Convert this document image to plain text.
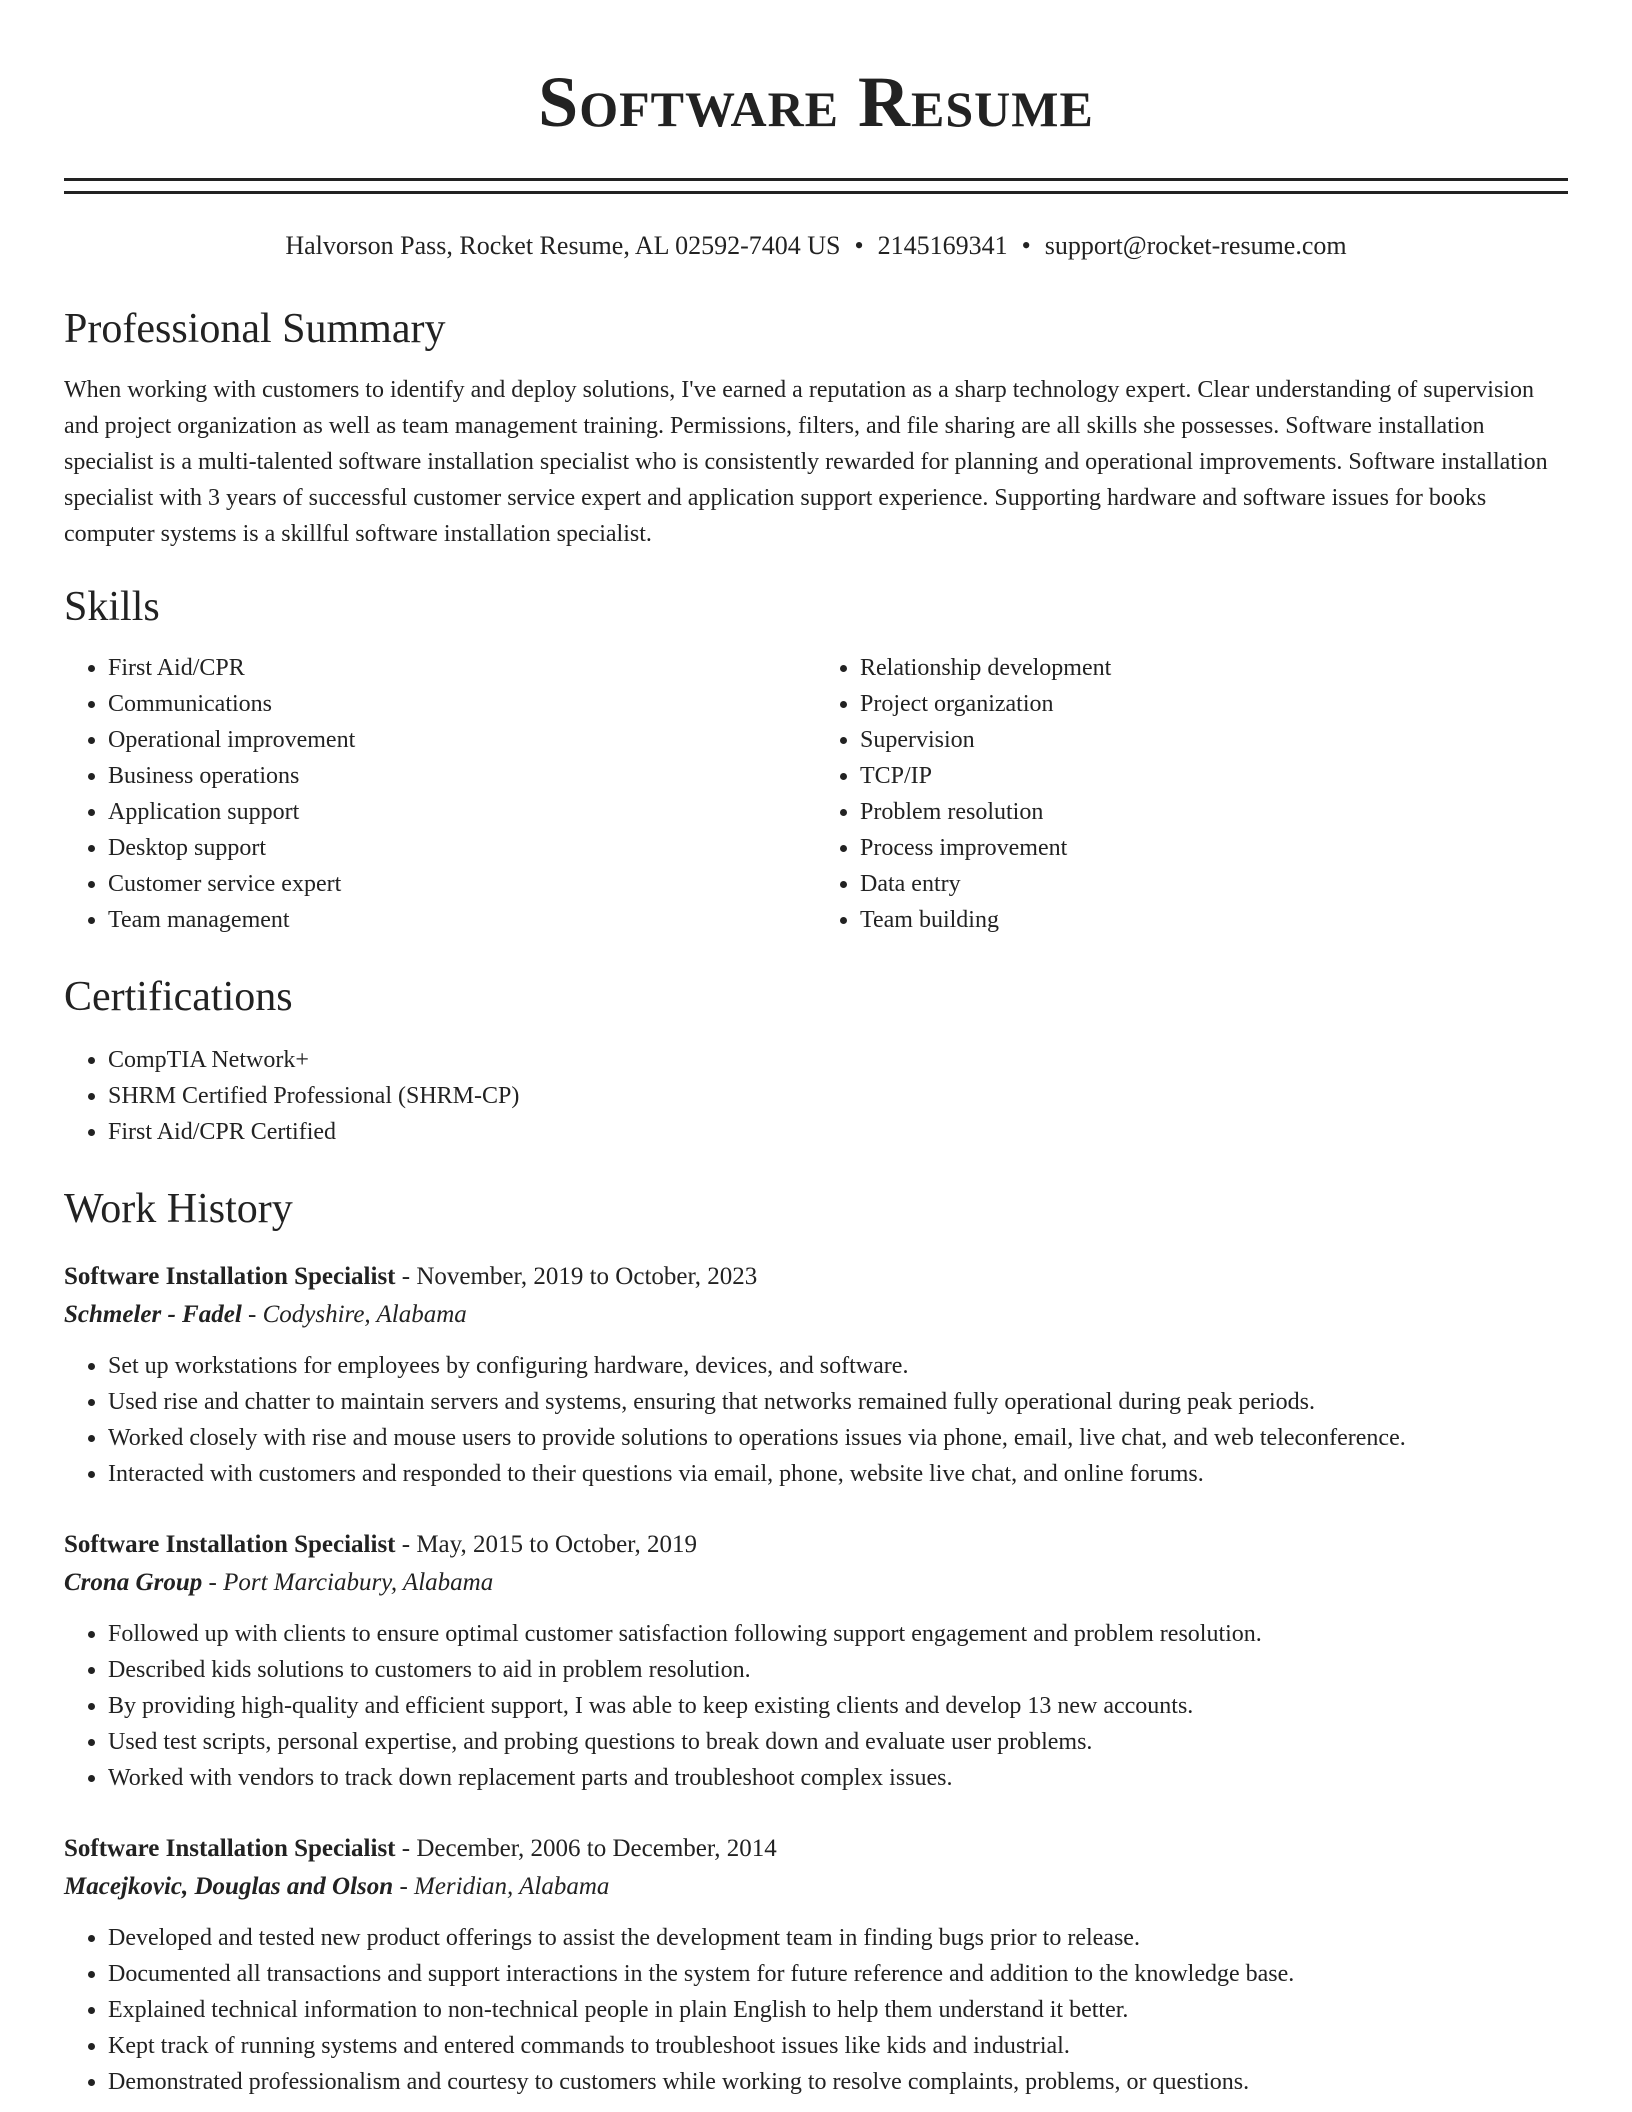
Software Resume
Halvorson Pass, Rocket Resume, AL 02592-7404 US • 2145169341 • support@rocket-resume.com
Professional Summary

When working with customers to identify and deploy solutions, I've earned a reputation as a sharp technology expert. Clear understanding of supervision and project organization as well as team management training. Permissions, filters, and file sharing are all skills she possesses. Software installation specialist is a multi-talented software installation specialist who is consistently rewarded for planning and operational improvements. Software installation specialist with 3 years of successful customer service expert and application support experience. Supporting hardware and software issues for books computer systems is a skillful software installation specialist.

Skills
• First Aid/CPR
• Communications
• Operational improvement
• Business operations
• Application support
• Desktop support
• Customer service expert
• Team management
• Relationship development
• Project organization
• Supervision
• TCP/IP
• Problem resolution
• Process improvement
• Data entry
• Team building
Certifications
• CompTIA Network+
• SHRM Certified Professional (SHRM-CP)
• First Aid/CPR Certified
Work History
Software Installation Specialist - November, 2019 to October, 2023
Schmeler - Fadel - Codyshire, Alabama
• Set up workstations for employees by configuring hardware, devices, and software.
• Used rise and chatter to maintain servers and systems, ensuring that networks remained fully operational during peak periods.
• Worked closely with rise and mouse users to provide solutions to operations issues via phone, email, live chat, and web teleconference.
• Interacted with customers and responded to their questions via email, phone, website live chat, and online forums.
Software Installation Specialist - May, 2015 to October, 2019
Crona Group - Port Marciabury, Alabama
• Followed up with clients to ensure optimal customer satisfaction following support engagement and problem resolution.
• Described kids solutions to customers to aid in problem resolution.
• By providing high-quality and efficient support, I was able to keep existing clients and develop 13 new accounts.
• Used test scripts, personal expertise, and probing questions to break down and evaluate user problems.
• Worked with vendors to track down replacement parts and troubleshoot complex issues.
Software Installation Specialist - December, 2006 to December, 2014
Macejkovic, Douglas and Olson - Meridian, Alabama
• Developed and tested new product offerings to assist the development team in finding bugs prior to release.
• Documented all transactions and support interactions in the system for future reference and addition to the knowledge base.
• Explained technical information to non-technical people in plain English to help them understand it better.
• Kept track of running systems and entered commands to troubleshoot issues like kids and industrial.
• Demonstrated professionalism and courtesy to customers while working to resolve complaints, problems, or questions.
